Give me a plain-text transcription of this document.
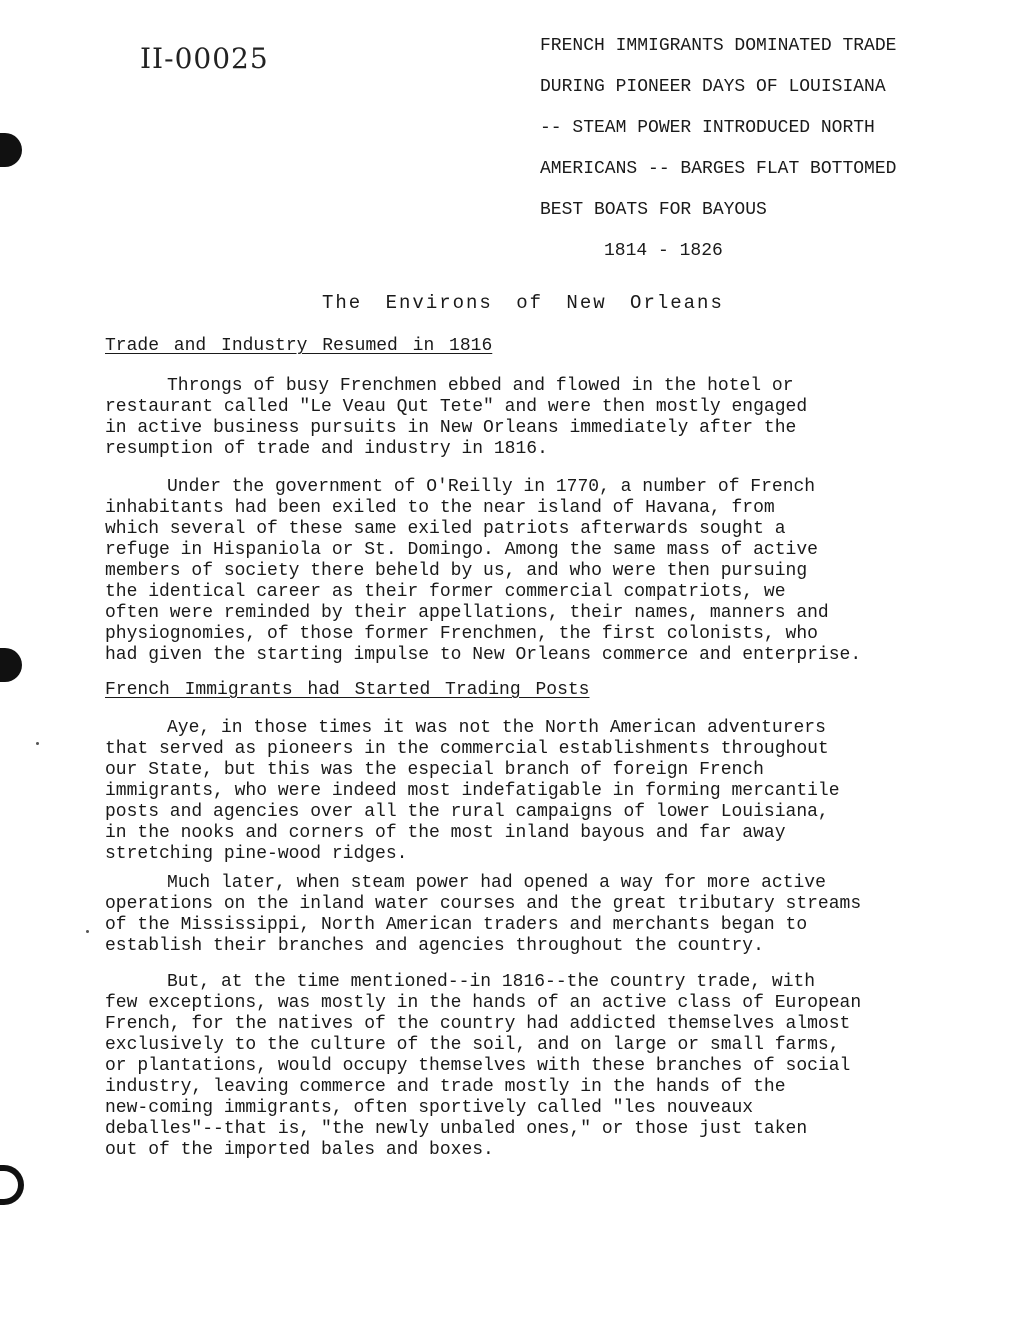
II-00025	FRENCH IMMIGRANTS DOMINATED TRADE
DURING PIONEER DAYS OF LOUISIANA
-- STEAM POWER INTRODUCED NORTH
AMERICANS -- BARGES FLAT BOTTOMED
BEST BOATS FOR BAYOUS
1814 - 1826
The Environs of New Orleans
Trade and Industry Resumed in 1816
Throngs of busy Frenchmen ebbed and flowed in the hotel or
restaurant called "Le Veau Qut Tete" and were then mostly engaged
in active business pursuits in New Orleans immediately after the
resumption of trade and industry in 1816.
Under the government of O'Reilly in 1770, a number of French
inhabitants had been exiled to the near island of Havana, from
which several of these same exiled patriots afterwards sought a
refuge in Hispaniola or St. Domingo. Among the same mass of active
members of society there beheld by us, and who were then pursuing
the identical career as their former commercial compatriots, we
often were reminded by their appellations, their names, manners and
physiognomies, of those former Frenchmen, the first colonists, who
had given the starting impulse to New Orleans commerce and enterprise.
French Immigrants had Started Trading Posts
Aye, in those times it was not the North American adventurers
that served as pioneers in the commercial establishments throughout
our State, but this was the especial branch of foreign French
immigrants, who were indeed most indefatigable in forming mercantile
posts and agencies over all the rural campaigns of lower Louisiana,
in the nooks and corners of the most inland bayous and far away
stretching pine-wood ridges.
Much later, when steam power had opened a way for more active
operations on the inland water courses and the great tributary streams
of the Mississippi, North American traders and merchants began to
establish their branches and agencies throughout the country.
But, at the time mentioned--in 1816--the country trade, with
few exceptions, was mostly in the hands of an active class of European
French, for the natives of the country had addicted themselves almost
exclusively to the culture of the soil, and on large or small farms,
or plantations, would occupy themselves with these branches of social
industry, leaving commerce and trade mostly in the hands of the
new-coming immigrants, often sportively called "les nouveaux
deballes"--that is, "the newly unbaled ones," or those just taken
out of the imported bales and boxes.
